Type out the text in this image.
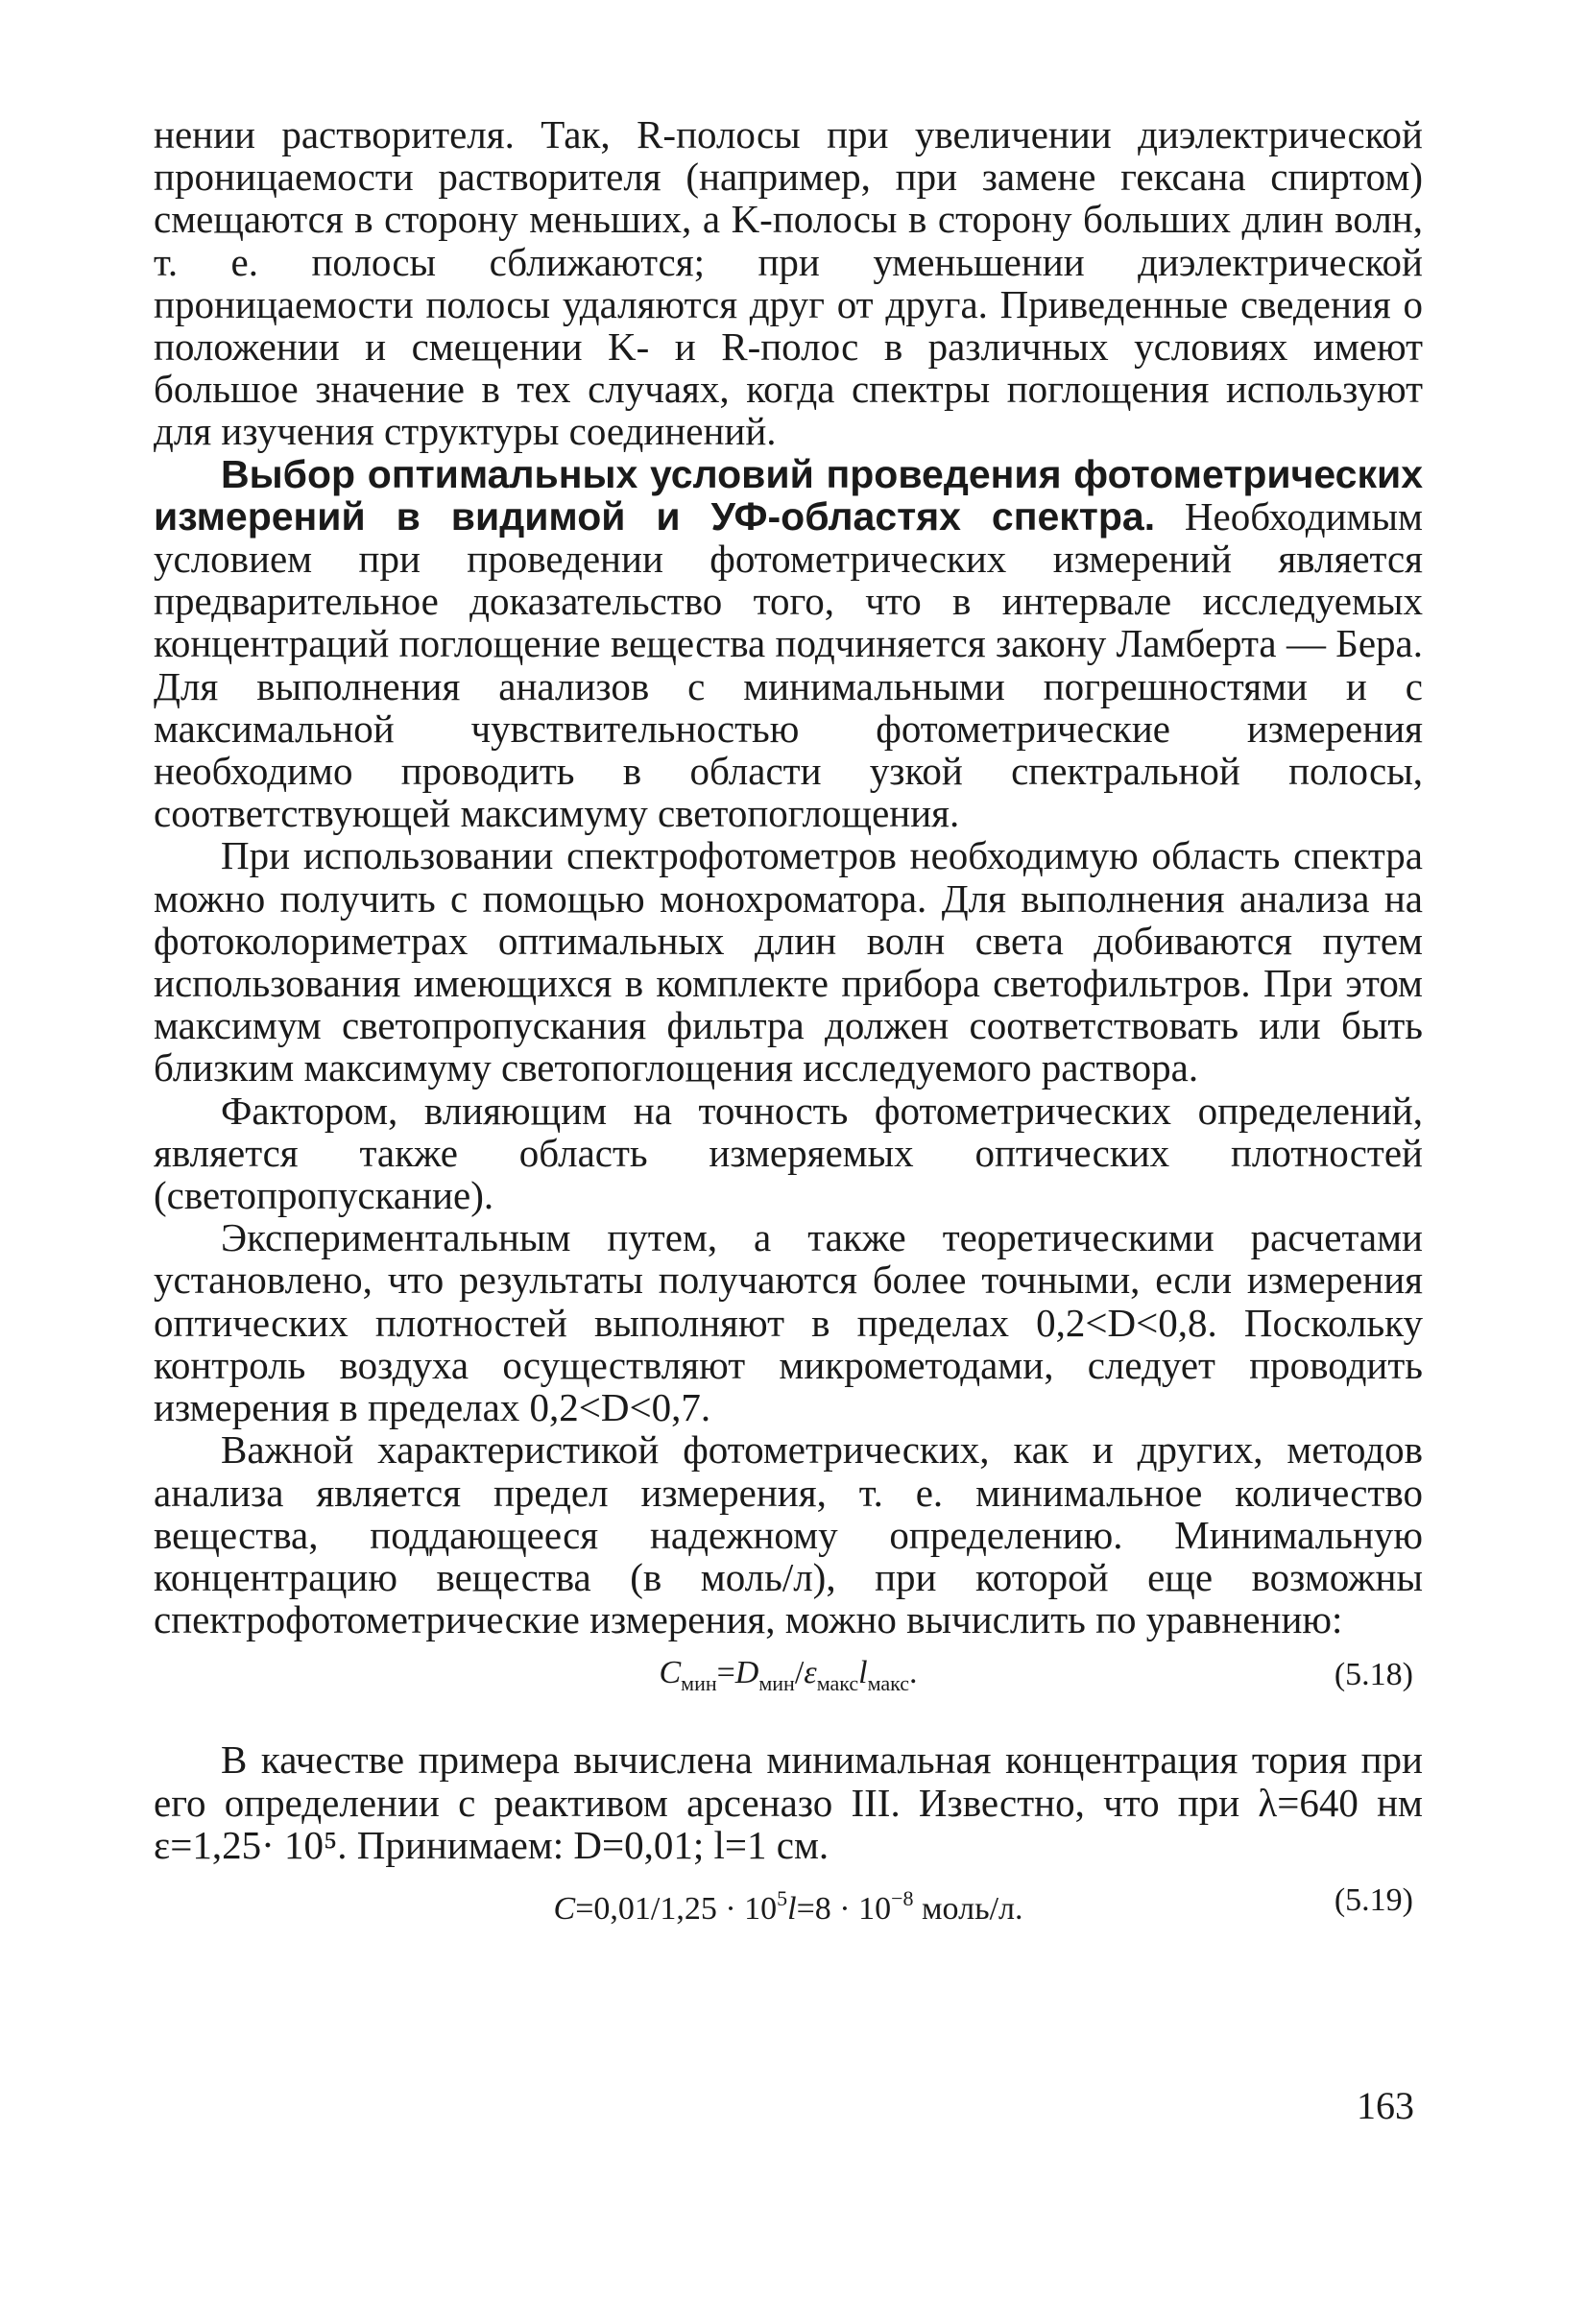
нении растворителя. Так, R-полосы при увеличении диэлектрической проницаемости растворителя (например, при замене гексана спиртом) смещаются в сторону меньших, а K-полосы в сторону больших длин волн, т. е. полосы сближаются; при уменьшении диэлектрической проницаемости полосы удаляются друг от друга. Приведенные сведения о положении и смещении K- и R-полос в различных условиях имеют большое значение в тех случаях, когда спектры поглощения используют для изучения структуры соединений.

Выбор оптимальных условий проведения фотометрических измерений в видимой и УФ-областях спектра. Необходимым условием при проведении фотометрических измерений является предварительное доказательство того, что в интервале исследуемых концентраций поглощение вещества подчиняется закону Ламберта — Бера. Для выполнения анализов с минимальными погрешностями и с максимальной чувствительностью фотометрические измерения необходимо проводить в области узкой спектральной полосы, соответствующей максимуму светопоглощения.

При использовании спектрофотометров необходимую область спектра можно получить с помощью монохроматора. Для выполнения анализа на фотоколориметрах оптимальных длин волн света добиваются путем использования имеющихся в комплекте прибора светофильтров. При этом максимум светопропускания фильтра должен соответствовать или быть близким максимуму светопоглощения исследуемого раствора.

Фактором, влияющим на точность фотометрических определений, является также область измеряемых оптических плотностей (светопропускание).

Экспериментальным путем, а также теоретическими расчетами установлено, что результаты получаются более точными, если измерения оптических плотностей выполняют в пределах 0,2<D<0,8. Поскольку контроль воздуха осуществляют микрометодами, следует проводить измерения в пределах 0,2<D<0,7.

Важной характеристикой фотометрических, как и других, методов анализа является предел измерения, т. е. минимальное количество вещества, поддающееся надежному определению. Минимальную концентрацию вещества (в моль/л), при которой еще возможны спектрофотометрические измерения, можно вычислить по уравнению:

$C_{мин}=D_{мин}/\varepsilon_{макс}l_{макс}$.	(5.18)

В качестве примера вычислена минимальная концентрация тория при его определении с реактивом арсеназо III. Известно, что при λ=640 нм ε=1,25· 10⁵. Принимаем: D=0,01; l=1 см.

$C=0,01/1,25 \cdot 10^5l=8 \cdot 10^{-8}$ моль/л.	(5.19)
163
